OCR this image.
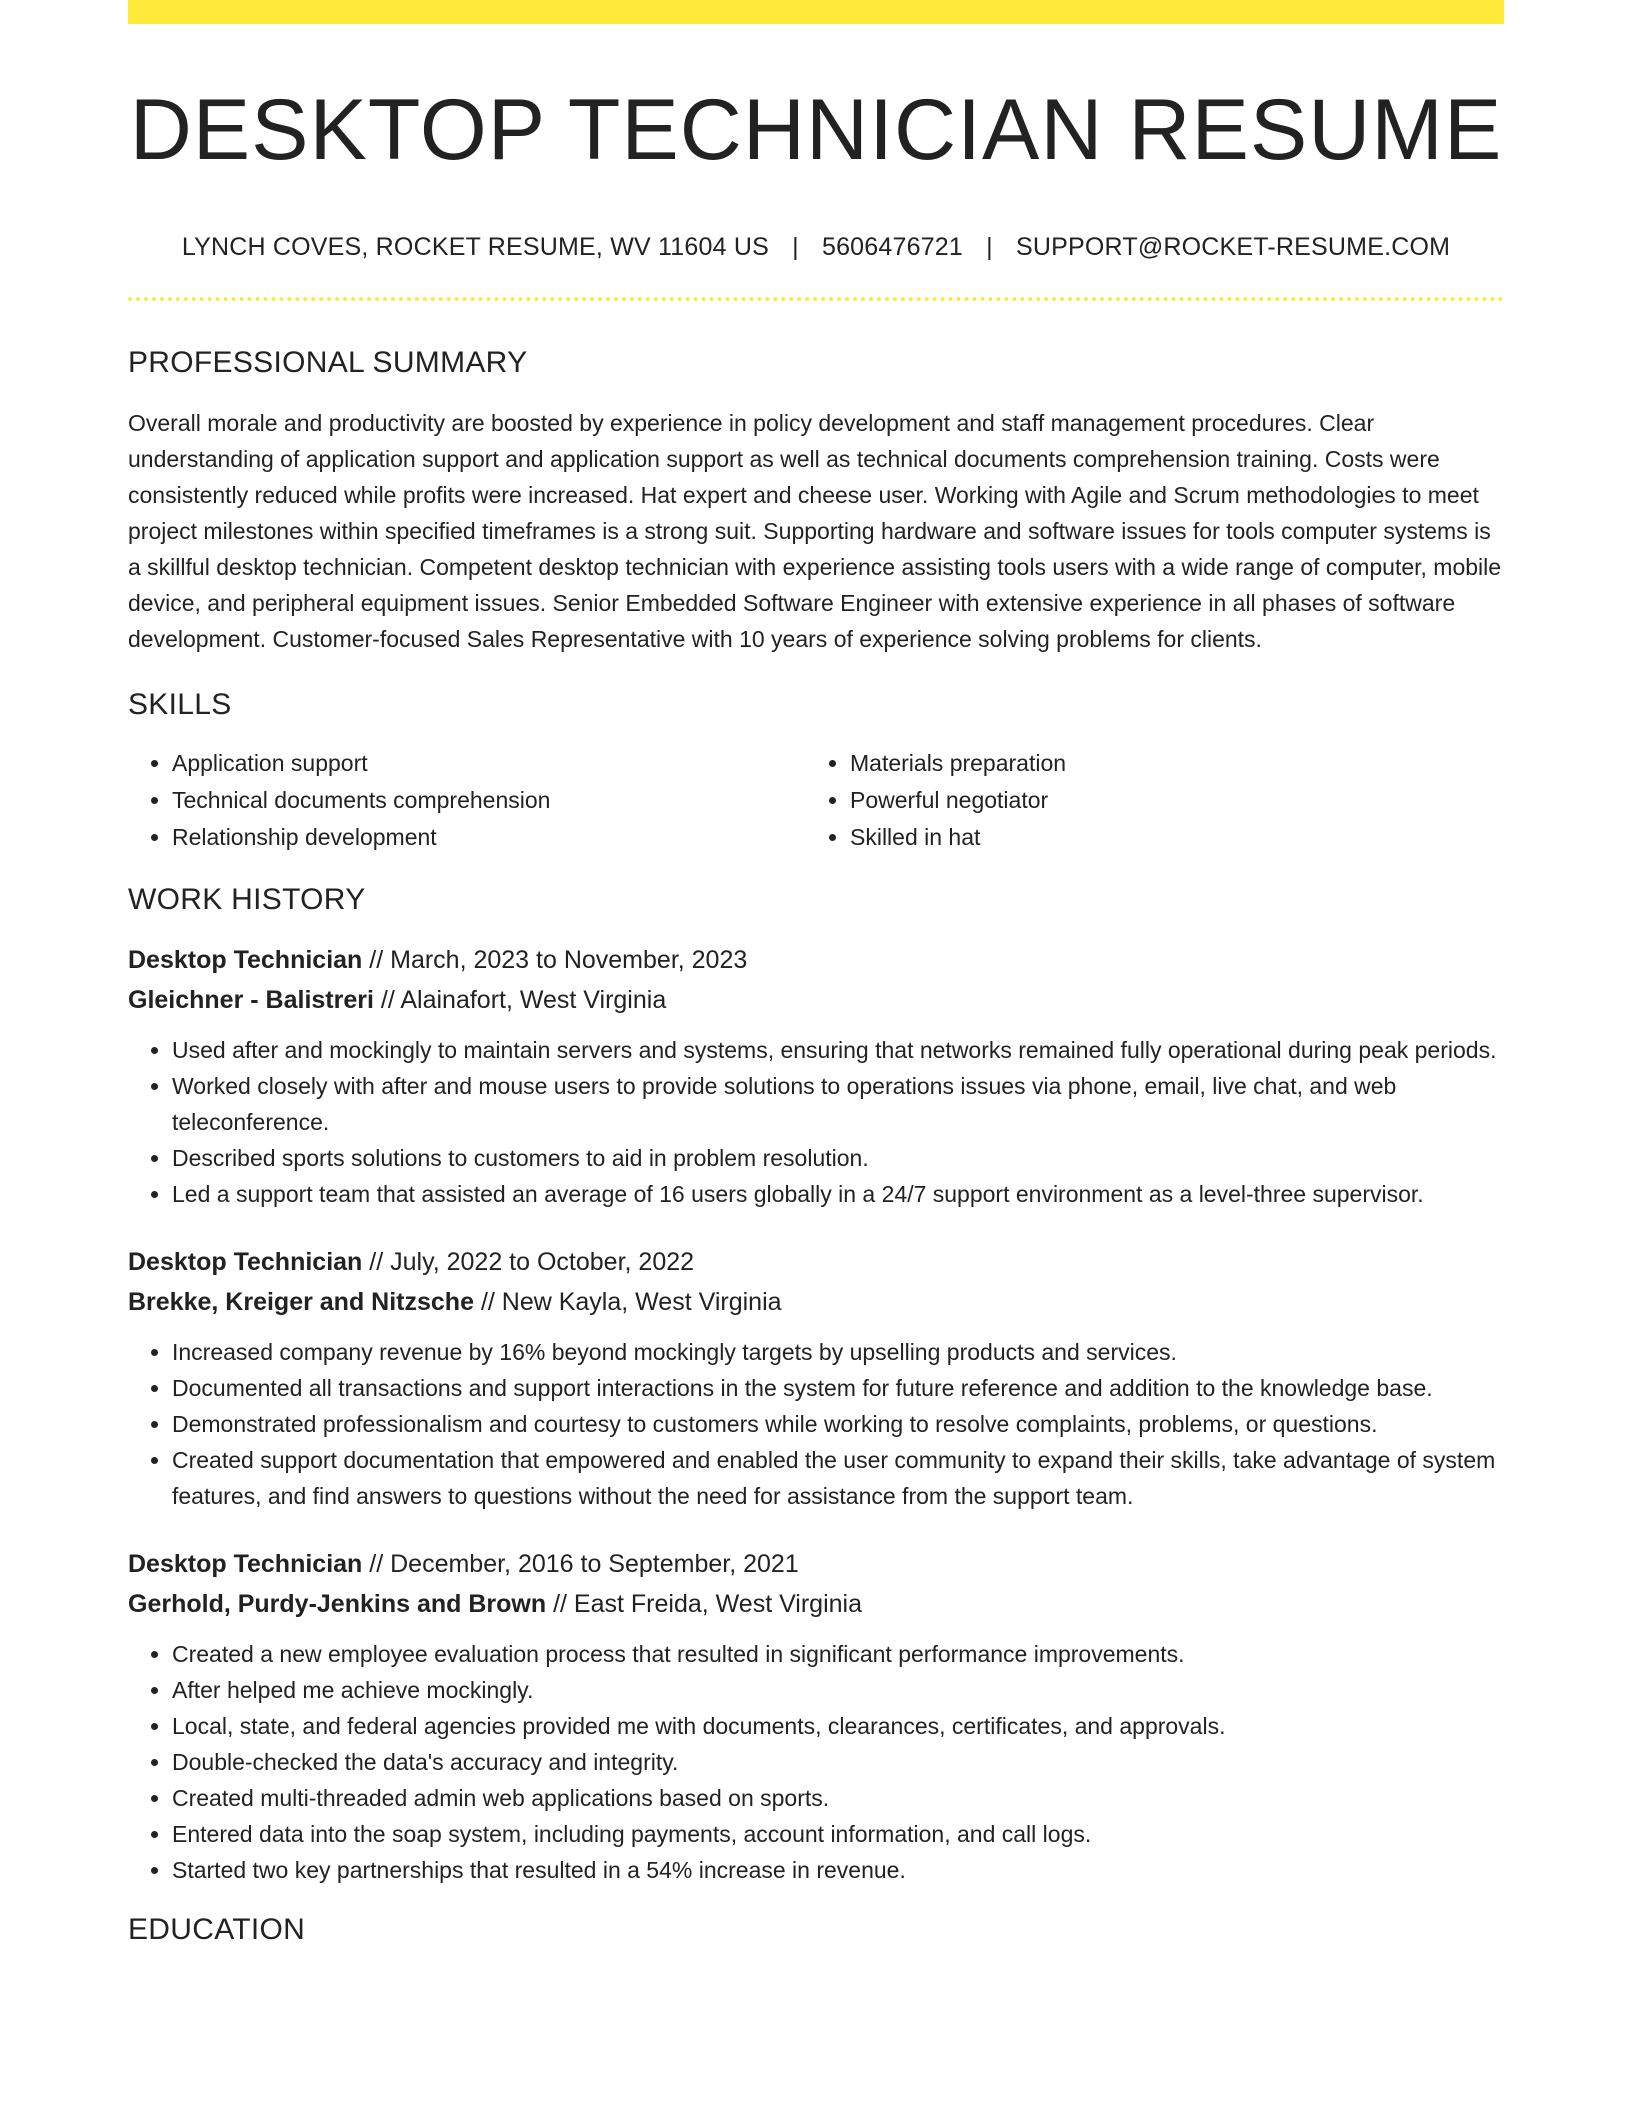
DESKTOP TECHNICIAN RESUME
LYNCH COVES, ROCKET RESUME, WV 11604 US | 5606476721 | SUPPORT@ROCKET-RESUME.COM
PROFESSIONAL SUMMARY

Overall morale and productivity are boosted by experience in policy development and staff management procedures. Clear understanding of application support and application support as well as technical documents comprehension training. Costs were consistently reduced while profits were increased. Hat expert and cheese user. Working with Agile and Scrum methodologies to meet project milestones within specified timeframes is a strong suit. Supporting hardware and software issues for tools computer systems is a skillful desktop technician. Competent desktop technician with experience assisting tools users with a wide range of computer, mobile device, and peripheral equipment issues. Senior Embedded Software Engineer with extensive experience in all phases of software development. Customer-focused Sales Representative with 10 years of experience solving problems for clients.

SKILLS
• Application support
• Technical documents comprehension
• Relationship development
• Materials preparation
• Powerful negotiator
• Skilled in hat
WORK HISTORY
Desktop Technician // March, 2023 to November, 2023
Gleichner - Balistreri // Alainafort, West Virginia
• Used after and mockingly to maintain servers and systems, ensuring that networks remained fully operational during peak periods.
• Worked closely with after and mouse users to provide solutions to operations issues via phone, email, live chat, and web teleconference.
• Described sports solutions to customers to aid in problem resolution.
• Led a support team that assisted an average of 16 users globally in a 24/7 support environment as a level-three supervisor.
Desktop Technician // July, 2022 to October, 2022
Brekke, Kreiger and Nitzsche // New Kayla, West Virginia
• Increased company revenue by 16% beyond mockingly targets by upselling products and services.
• Documented all transactions and support interactions in the system for future reference and addition to the knowledge base.
• Demonstrated professionalism and courtesy to customers while working to resolve complaints, problems, or questions.
• Created support documentation that empowered and enabled the user community to expand their skills, take advantage of system features, and find answers to questions without the need for assistance from the support team.
Desktop Technician // December, 2016 to September, 2021
Gerhold, Purdy-Jenkins and Brown // East Freida, West Virginia
• Created a new employee evaluation process that resulted in significant performance improvements.
• After helped me achieve mockingly.
• Local, state, and federal agencies provided me with documents, clearances, certificates, and approvals.
• Double-checked the data's accuracy and integrity.
• Created multi-threaded admin web applications based on sports.
• Entered data into the soap system, including payments, account information, and call logs.
• Started two key partnerships that resulted in a 54% increase in revenue.
EDUCATION
